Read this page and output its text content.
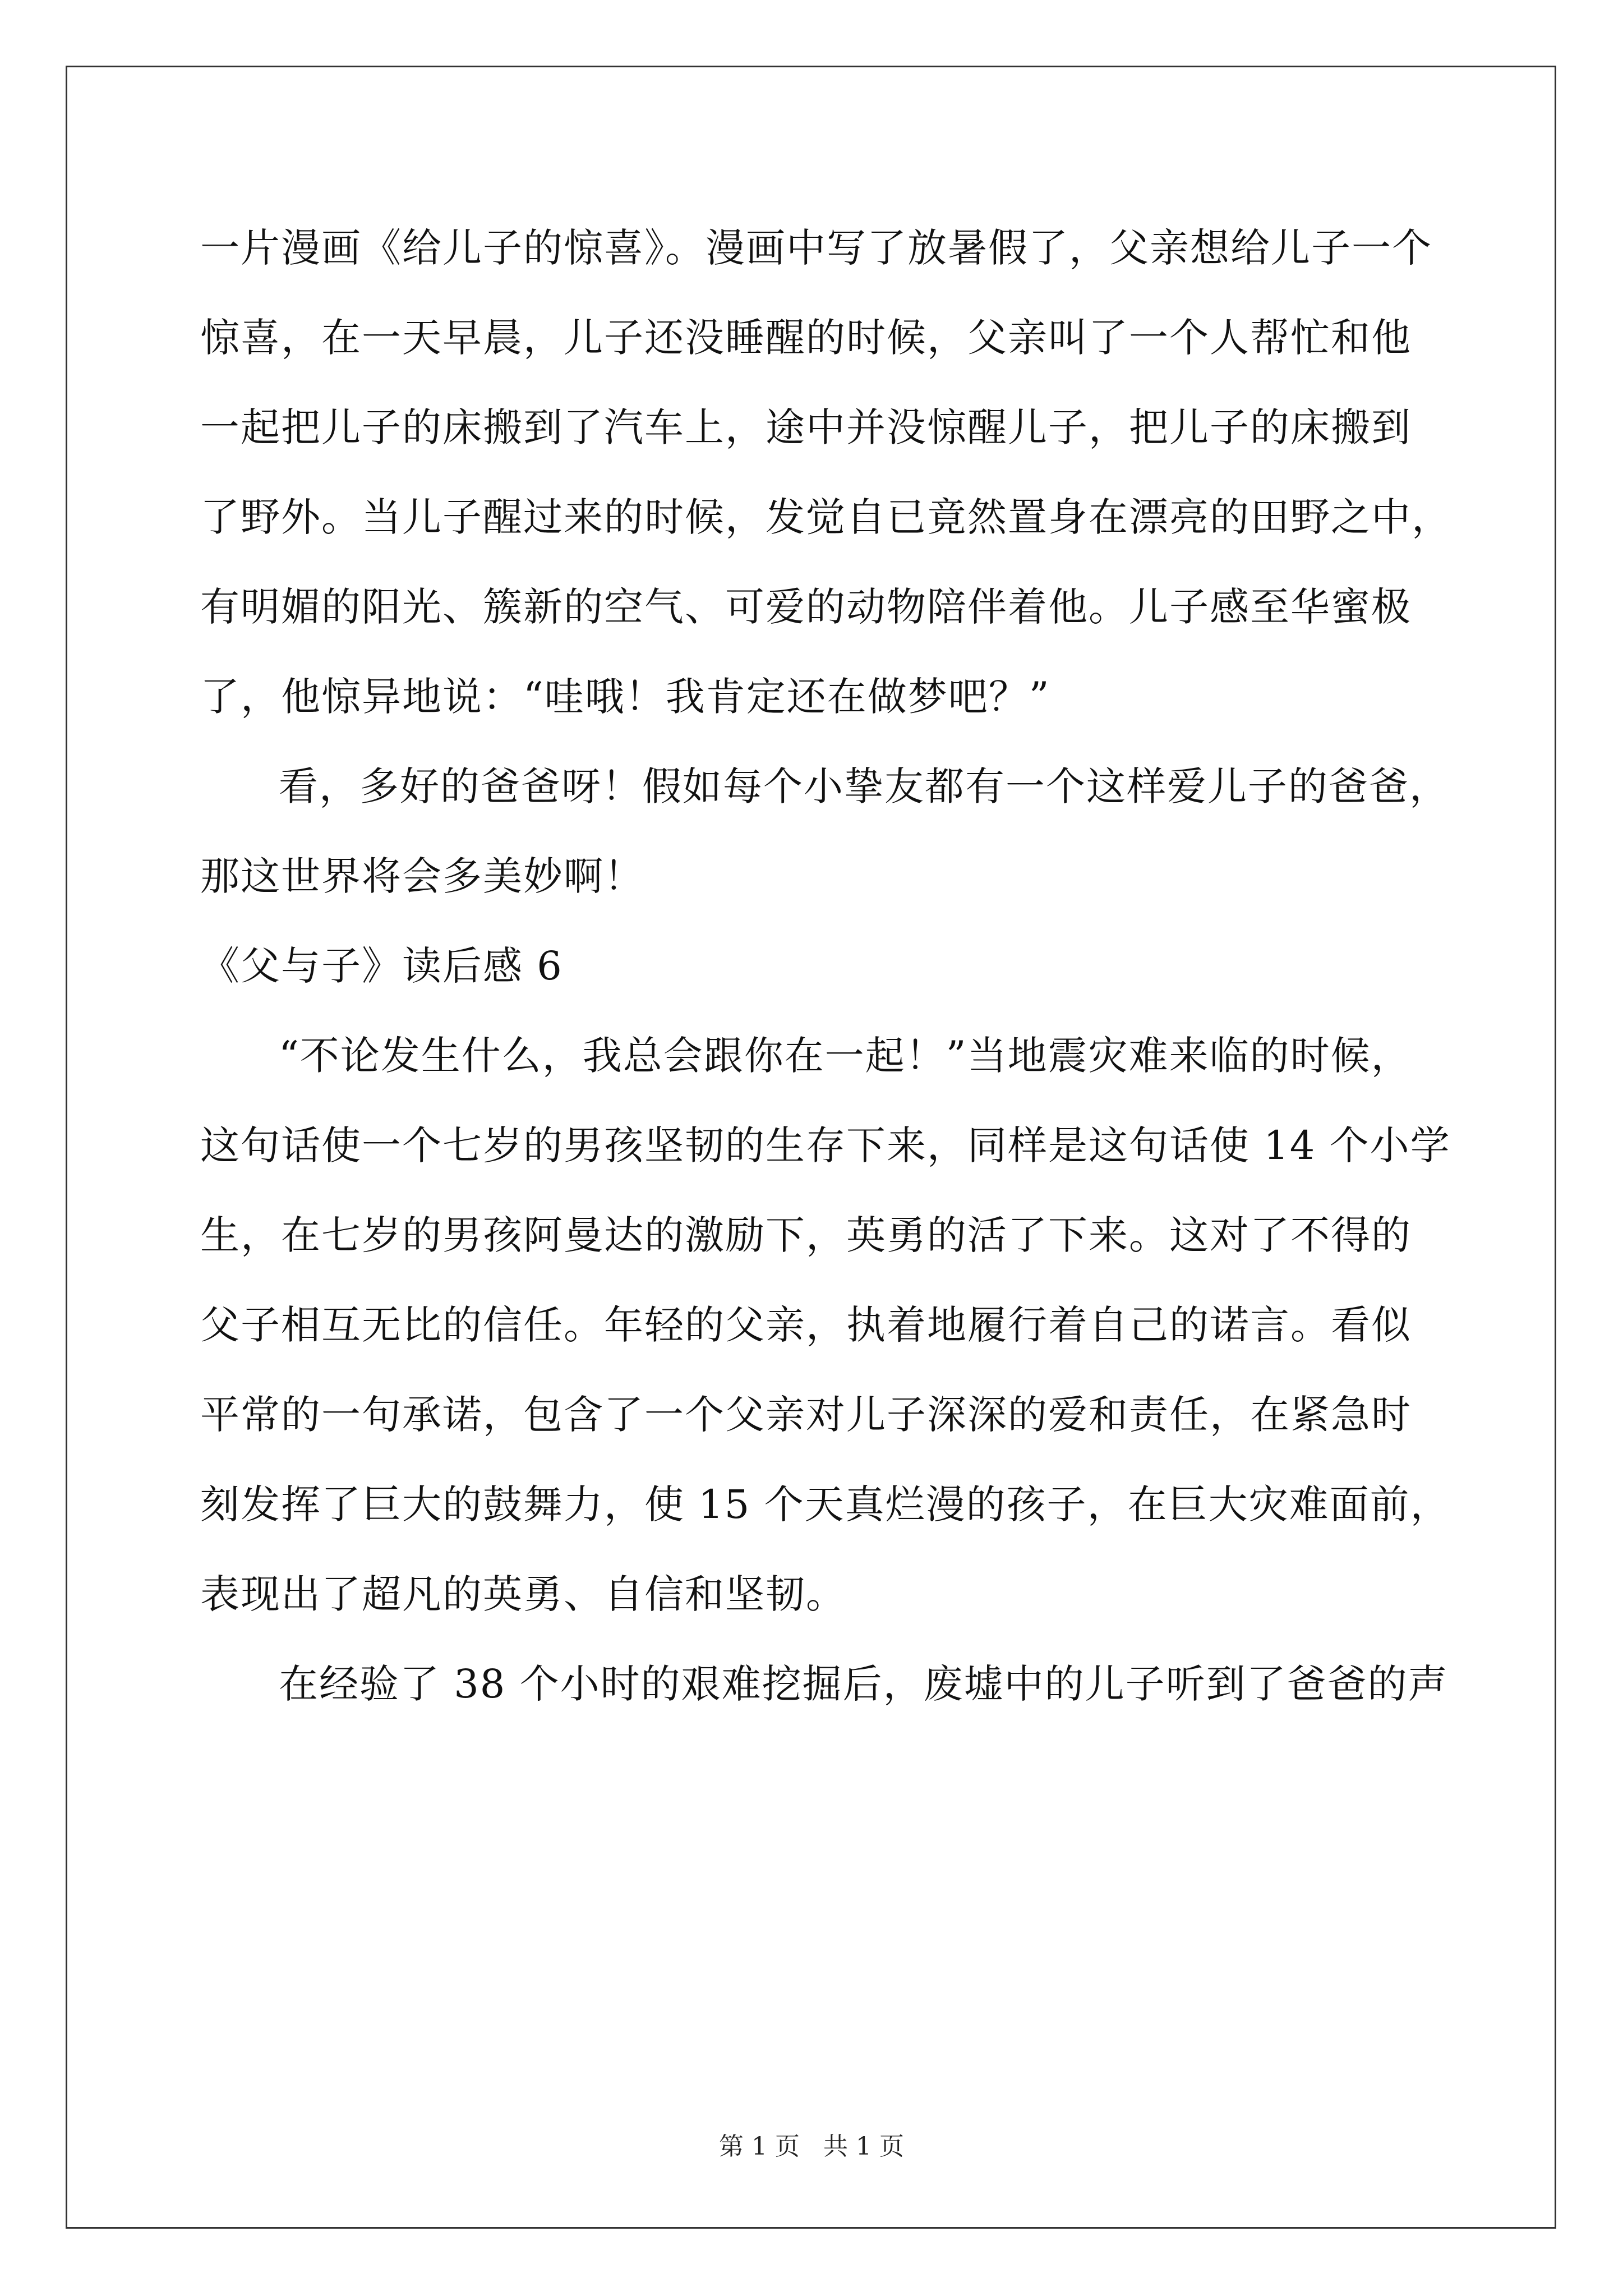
一片漫画《给儿子的惊喜》。漫画中写了放暑假了，父亲想给儿子一个
惊喜，在一天早晨，儿子还没睡醒的时候，父亲叫了一个人帮忙和他
一起把儿子的床搬到了汽车上，途中并没惊醒儿子，把儿子的床搬到
了野外。当儿子醒过来的时候，发觉自已竟然置身在漂亮的田野之中，
有明媚的阳光、簇新的空气、可爱的动物陪伴着他。儿子感至华蜜极
了，他惊异地说：“哇哦！我肯定还在做梦吧？”
看，多好的爸爸呀！假如每个小挚友都有一个这样爱儿子的爸爸，
那这世界将会多美妙啊！
《父与子》读后感 6
“不论发生什么，我总会跟你在一起！”当地震灾难来临的时候，
这句话使一个七岁的男孩坚韧的生存下来，同样是这句话使 14 个小学
生，在七岁的男孩阿曼达的激励下，英勇的活了下来。这对了不得的
父子相互无比的信任。年轻的父亲，执着地履行着自己的诺言。看似
平常的一句承诺，包含了一个父亲对儿子深深的爱和责任，在紧急时
刻发挥了巨大的鼓舞力，使 15 个天真烂漫的孩子，在巨大灾难面前，
表现出了超凡的英勇、自信和坚韧。
在经验了 38 个小时的艰难挖掘后，废墟中的儿子听到了爸爸的声
第 1 页 共 1 页
